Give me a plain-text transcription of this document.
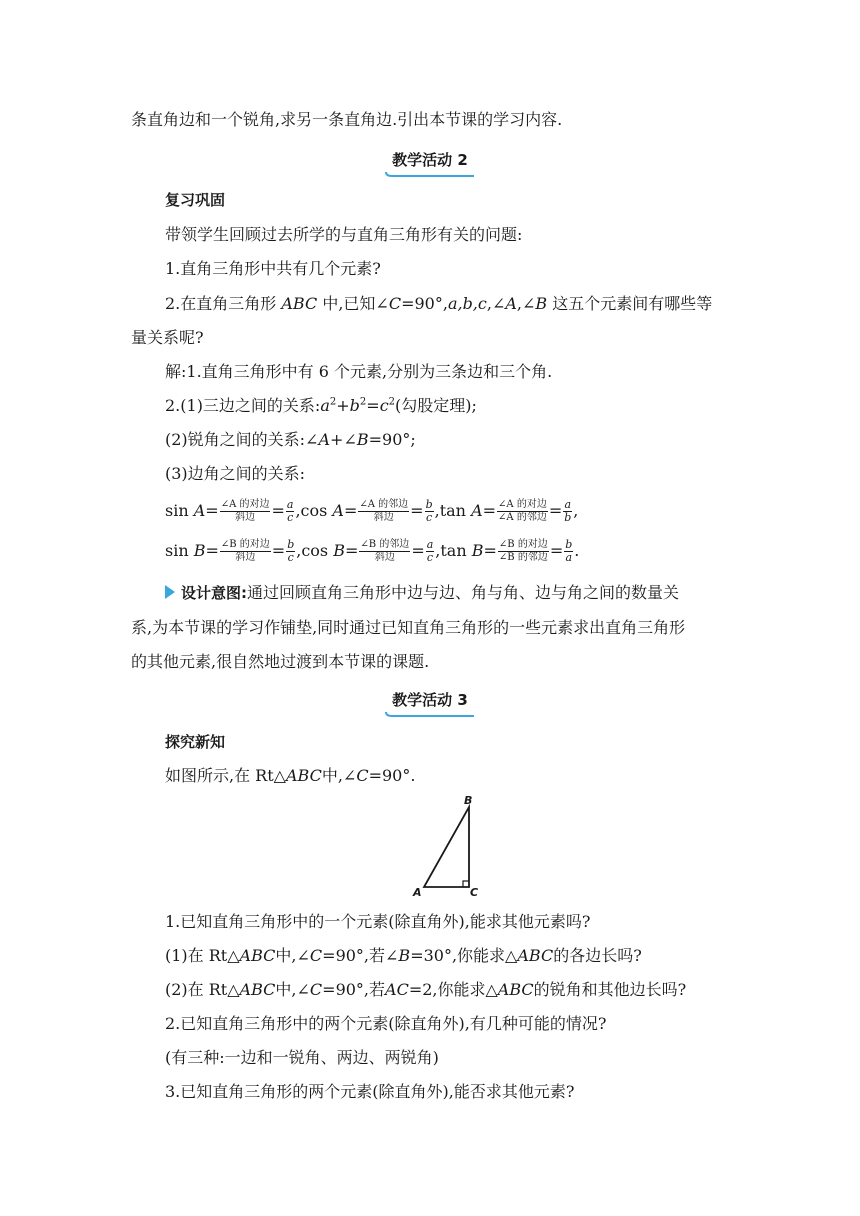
条直角边和一个锐角,求另一条直角边.引出本节课的学习内容.
教学活动 2
复习巩固
带领学生回顾过去所学的与直角三角形有关的问题:
1.直角三角形中共有几个元素?
2.在直角三角形 ABC 中,已知∠C=90°,a,b,c,∠A,∠B 这五个元素间有哪些等
量关系呢?
解:1.直角三角形中有 6 个元素,分别为三条边和三个角.
2.(1)三边之间的关系$:a^2+b^2=c^2$(勾股定理);
(2)锐角之间的关系:∠A+∠B=90°;
(3)边角之间的关系:
$\sin A= \frac{\text{∠A 的对边}}{\text{斜边}} = \frac{a}{c} ,\cos$ $A= \frac{\text{∠A 的邻边}}{\text{斜边}} = \frac{b}{c} ,\tan$ $A= \frac{\text{∠A 的对边}}{\text{∠A 的邻边}} = \frac{a}{b}$ ,
$\sin B= \frac{\text{∠B 的对边}}{\text{斜边}} = \frac{b}{c} ,\cos$ $B= \frac{\text{∠B 的邻边}}{\text{斜边}} = \frac{a}{c} ,\tan$ $B= \frac{\text{∠B 的对边}}{\text{∠B 的邻边}} = \frac{b}{a}$ .
设计意图:通过回顾直角三角形中边与边、角与角、边与角之间的数量关
系,为本节课的学习作铺垫,同时通过已知直角三角形的一些元素求出直角三角形
的其他元素,很自然地过渡到本节课的课题.
教学活动 3
探究新知
如图所示,在 Rt△ABC中,∠C=90°.
B
A	C
1.已知直角三角形中的一个元素(除直角外),能求其他元素吗?
(1)在 Rt△ABC中,∠C=90°,若∠B=30°,你能求△ABC的各边长吗?
(2)在 Rt△ABC中,∠C=90°,若AC=2,你能求△ABC的锐角和其他边长吗?
2.已知直角三角形中的两个元素(除直角外),有几种可能的情况?
(有三种:一边和一锐角、两边、两锐角)
3.已知直角三角形的两个元素(除直角外),能否求其他元素?
